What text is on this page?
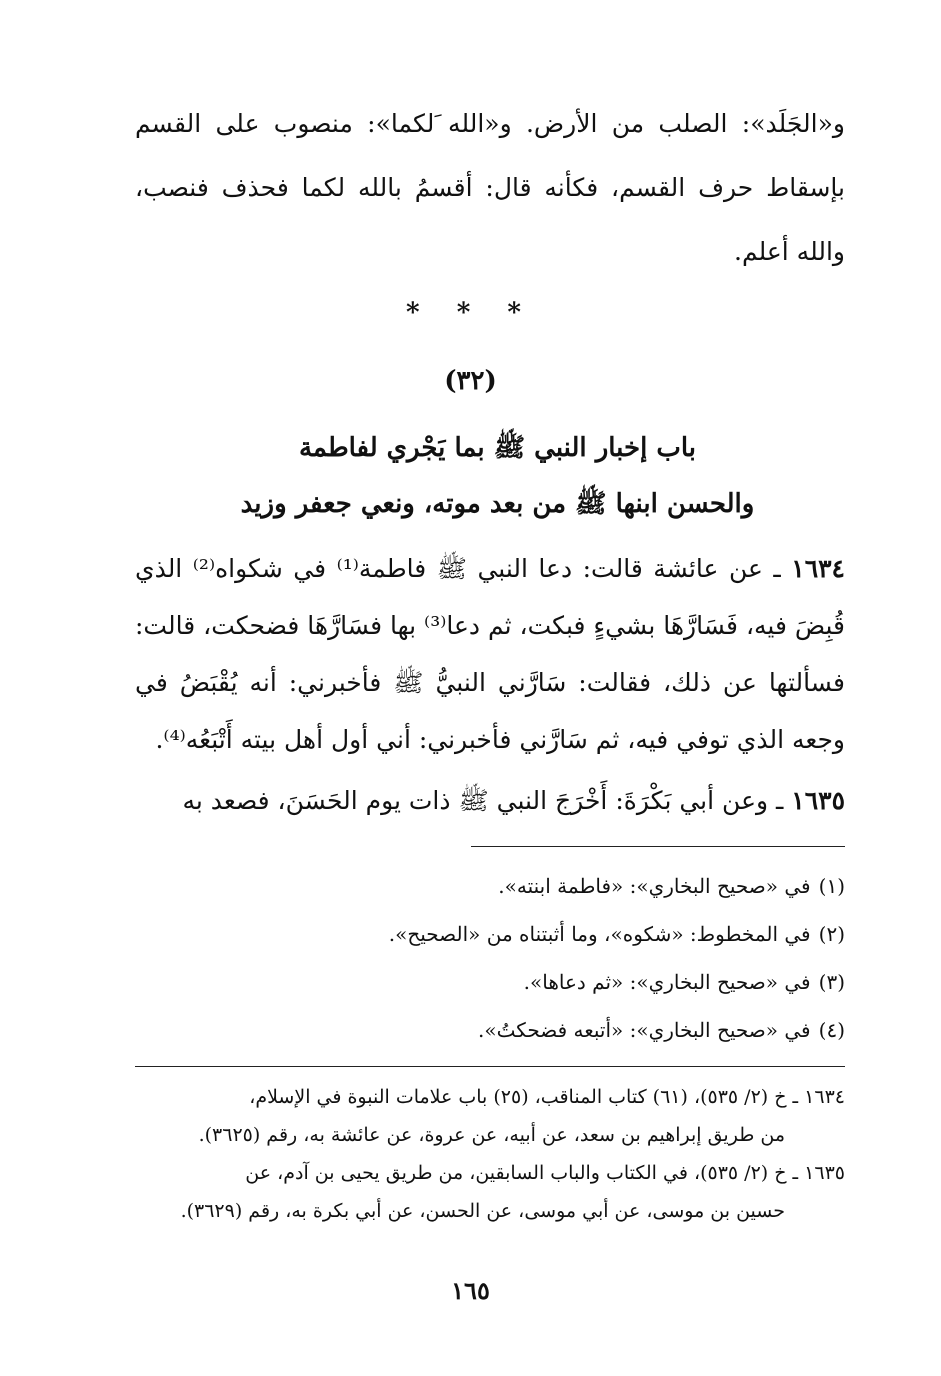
و«الجَلَد»: الصلب من الأرض. و«الله َلكما»: منصوب على القسم بإسقاط حرف القسم، فكأنه قال: أقسمُ بالله لكما فحذف فنصب، والله أعلم.

* * *
(٣٢)
باب إخبار النبي ﷺ بما يَجْري لفاطمة
والحسن ابنها ﷺ من بعد موته، ونعي جعفر وزيد

١٦٣٤ ـ عن عائشة قالت: دعا النبي ﷺ فاطمة⁽¹⁾ في شكواه⁽²⁾ الذي قُبِضَ فيه، فَسَارَّهَا بشيءٍ فبكت، ثم دعا⁽³⁾ بها فسَارَّهَا فضحكت، قالت: فسألتها عن ذلك، فقالت: سَارَّني النبيُّ ﷺ فأخبرني: أنه يُقْبَضُ في وجعه الذي توفي فيه، ثم سَارَّني فأخبرني: أني أول أهل بيته أَتْبَعُه⁽⁴⁾.

١٦٣٥ ـ وعن أبي بَكْرَةَ: أَخْرَجَ النبي ﷺ ذات يوم الحَسَنَ، فصعد به

(١)في «صحيح البخاري»: «فاطمة ابنته».
(٢)في المخطوط: «شكوه»، وما أثبتناه من «الصحيح».
(٣)في «صحيح البخاري»: «ثم دعاها».
(٤)في «صحيح البخاري»: «أتبعه فضحكتُ».
١٦٣٤ ـ خ (٢/ ٥٣٥)، (٦١) كتاب المناقب، (٢٥) باب علامات النبوة في الإسلام،
من طريق إبراهيم بن سعد، عن أبيه، عن عروة، عن عائشة به، رقم (٣٦٢٥).
١٦٣٥ ـ خ (٢/ ٥٣٥)، في الكتاب والباب السابقين، من طريق يحيى بن آدم، عن
حسين بن موسى، عن أبي موسى، عن الحسن، عن أبي بكرة به، رقم (٣٦٢٩).
١٦٥
